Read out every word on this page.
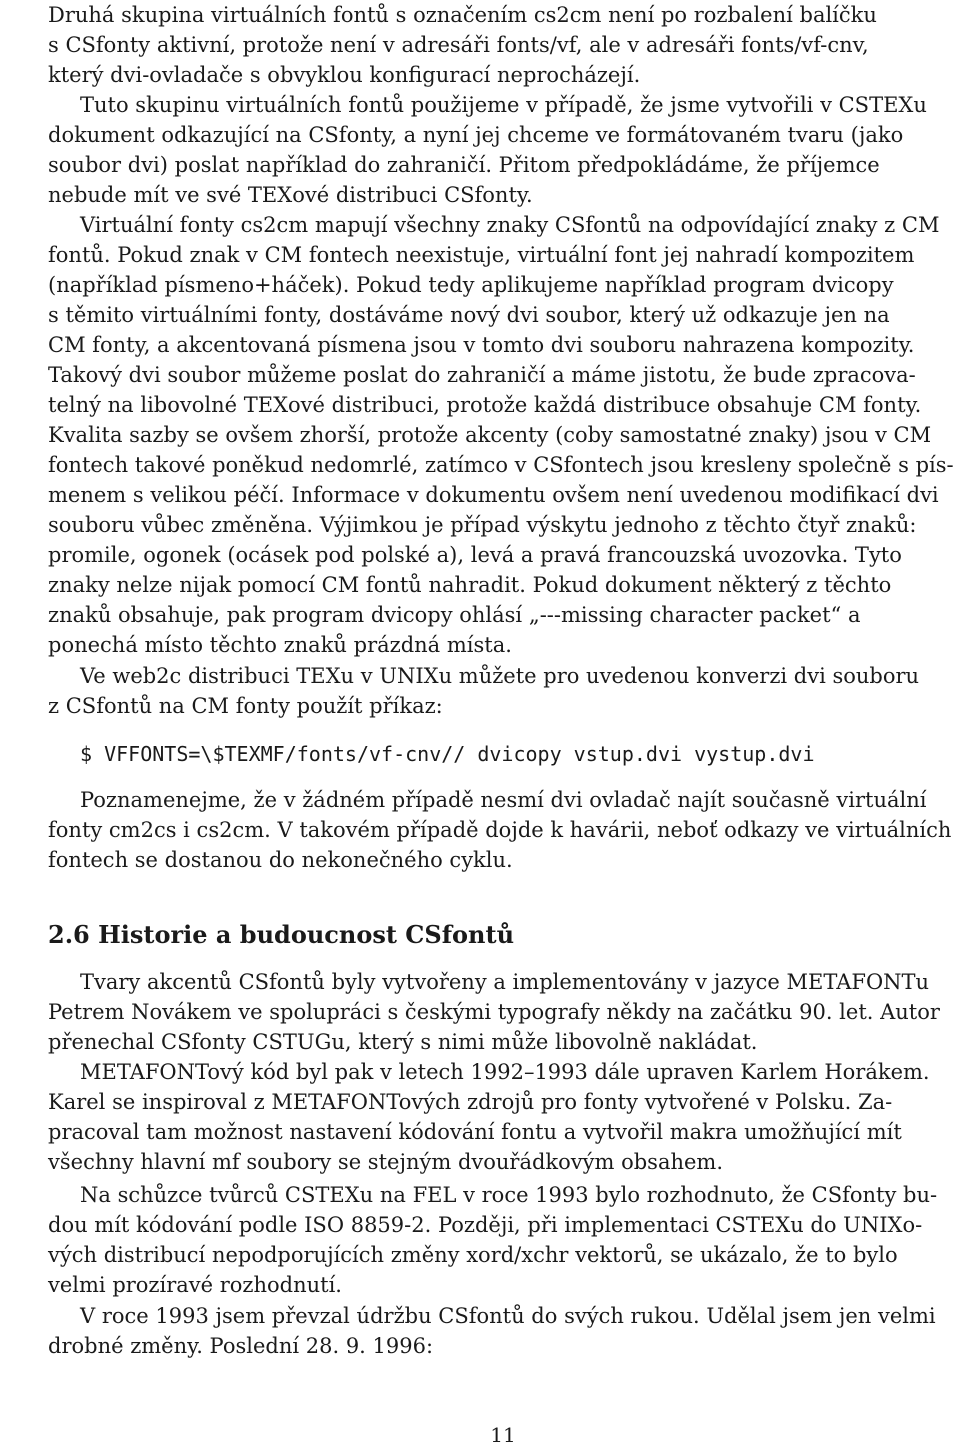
Druhá skupina virtuálních fontů s označením cs2cm není po rozbalení balíčku
s CSfonty aktivní, protože není v adresáři fonts/vf, ale v adresáři fonts/vf-cnv,
který dvi-ovladače s obvyklou konfigurací neprocházejí.
Tuto skupinu virtuálních fontů použijeme v případě, že jsme vytvořili v CSTEXu
dokument odkazující na CSfonty, a nyní jej chceme ve formátovaném tvaru (jako
soubor dvi) poslat například do zahraničí. Přitom předpokládáme, že příjemce
nebude mít ve své TEXové distribuci CSfonty.
Virtuální fonty cs2cm mapují všechny znaky CSfontů na odpovídající znaky z CM
fontů. Pokud znak v CM fontech neexistuje, virtuální font jej nahradí kompozitem
(například písmeno+háček). Pokud tedy aplikujeme například program dvicopy
s těmito virtuálními fonty, dostáváme nový dvi soubor, který už odkazuje jen na
CM fonty, a akcentovaná písmena jsou v tomto dvi souboru nahrazena kompozity.
Takový dvi soubor můžeme poslat do zahraničí a máme jistotu, že bude zpracova-
telný na libovolné TEXové distribuci, protože každá distribuce obsahuje CM fonty.
Kvalita sazby se ovšem zhorší, protože akcenty (coby samostatné znaky) jsou v CM
fontech takové poněkud nedomrlé, zatímco v CSfontech jsou kresleny společně s pís-
menem s velikou péčí. Informace v dokumentu ovšem není uvedenou modifikací dvi
souboru vůbec změněna. Výjimkou je případ výskytu jednoho z těchto čtyř znaků:
promile, ogonek (ocásek pod polské a), levá a pravá francouzská uvozovka. Tyto
znaky nelze nijak pomocí CM fontů nahradit. Pokud dokument některý z těchto
znaků obsahuje, pak program dvicopy ohlásí „---missing character packet“ a
ponechá místo těchto znaků prázdná místa.
Ve web2c distribuci TEXu v UNIXu můžete pro uvedenou konverzi dvi souboru
z CSfontů na CM fonty použít příkaz:
$ VFFONTS=\$TEXMF/fonts/vf-cnv// dvicopy vstup.dvi vystup.dvi
Poznamenejme, že v žádném případě nesmí dvi ovladač najít současně virtuální
fonty cm2cs i cs2cm. V takovém případě dojde k havárii, neboť odkazy ve virtuálních
fontech se dostanou do nekonečného cyklu.
2.6 Historie a budoucnost CSfontů
Tvary akcentů CSfontů byly vytvořeny a implementovány v jazyce METAFONTu
Petrem Novákem ve spolupráci s českými typografy někdy na začátku 90. let. Autor
přenechal CSfonty CSTUGu, který s nimi může libovolně nakládat.
METAFONTový kód byl pak v letech 1992–1993 dále upraven Karlem Horákem.
Karel se inspiroval z METAFONTových zdrojů pro fonty vytvořené v Polsku. Za-
pracoval tam možnost nastavení kódování fontu a vytvořil makra umožňující mít
všechny hlavní mf soubory se stejným dvouřádkovým obsahem.
Na schůzce tvůrců CSTEXu na FEL v roce 1993 bylo rozhodnuto, že CSfonty bu-
dou mít kódování podle ISO 8859-2. Později, při implementaci CSTEXu do UNIXo-
vých distribucí nepodporujících změny xord/xchr vektorů, se ukázalo, že to bylo
velmi prozíravé rozhodnutí.
V roce 1993 jsem převzal údržbu CSfontů do svých rukou. Udělal jsem jen velmi
drobné změny. Poslední 28. 9. 1996:
11
